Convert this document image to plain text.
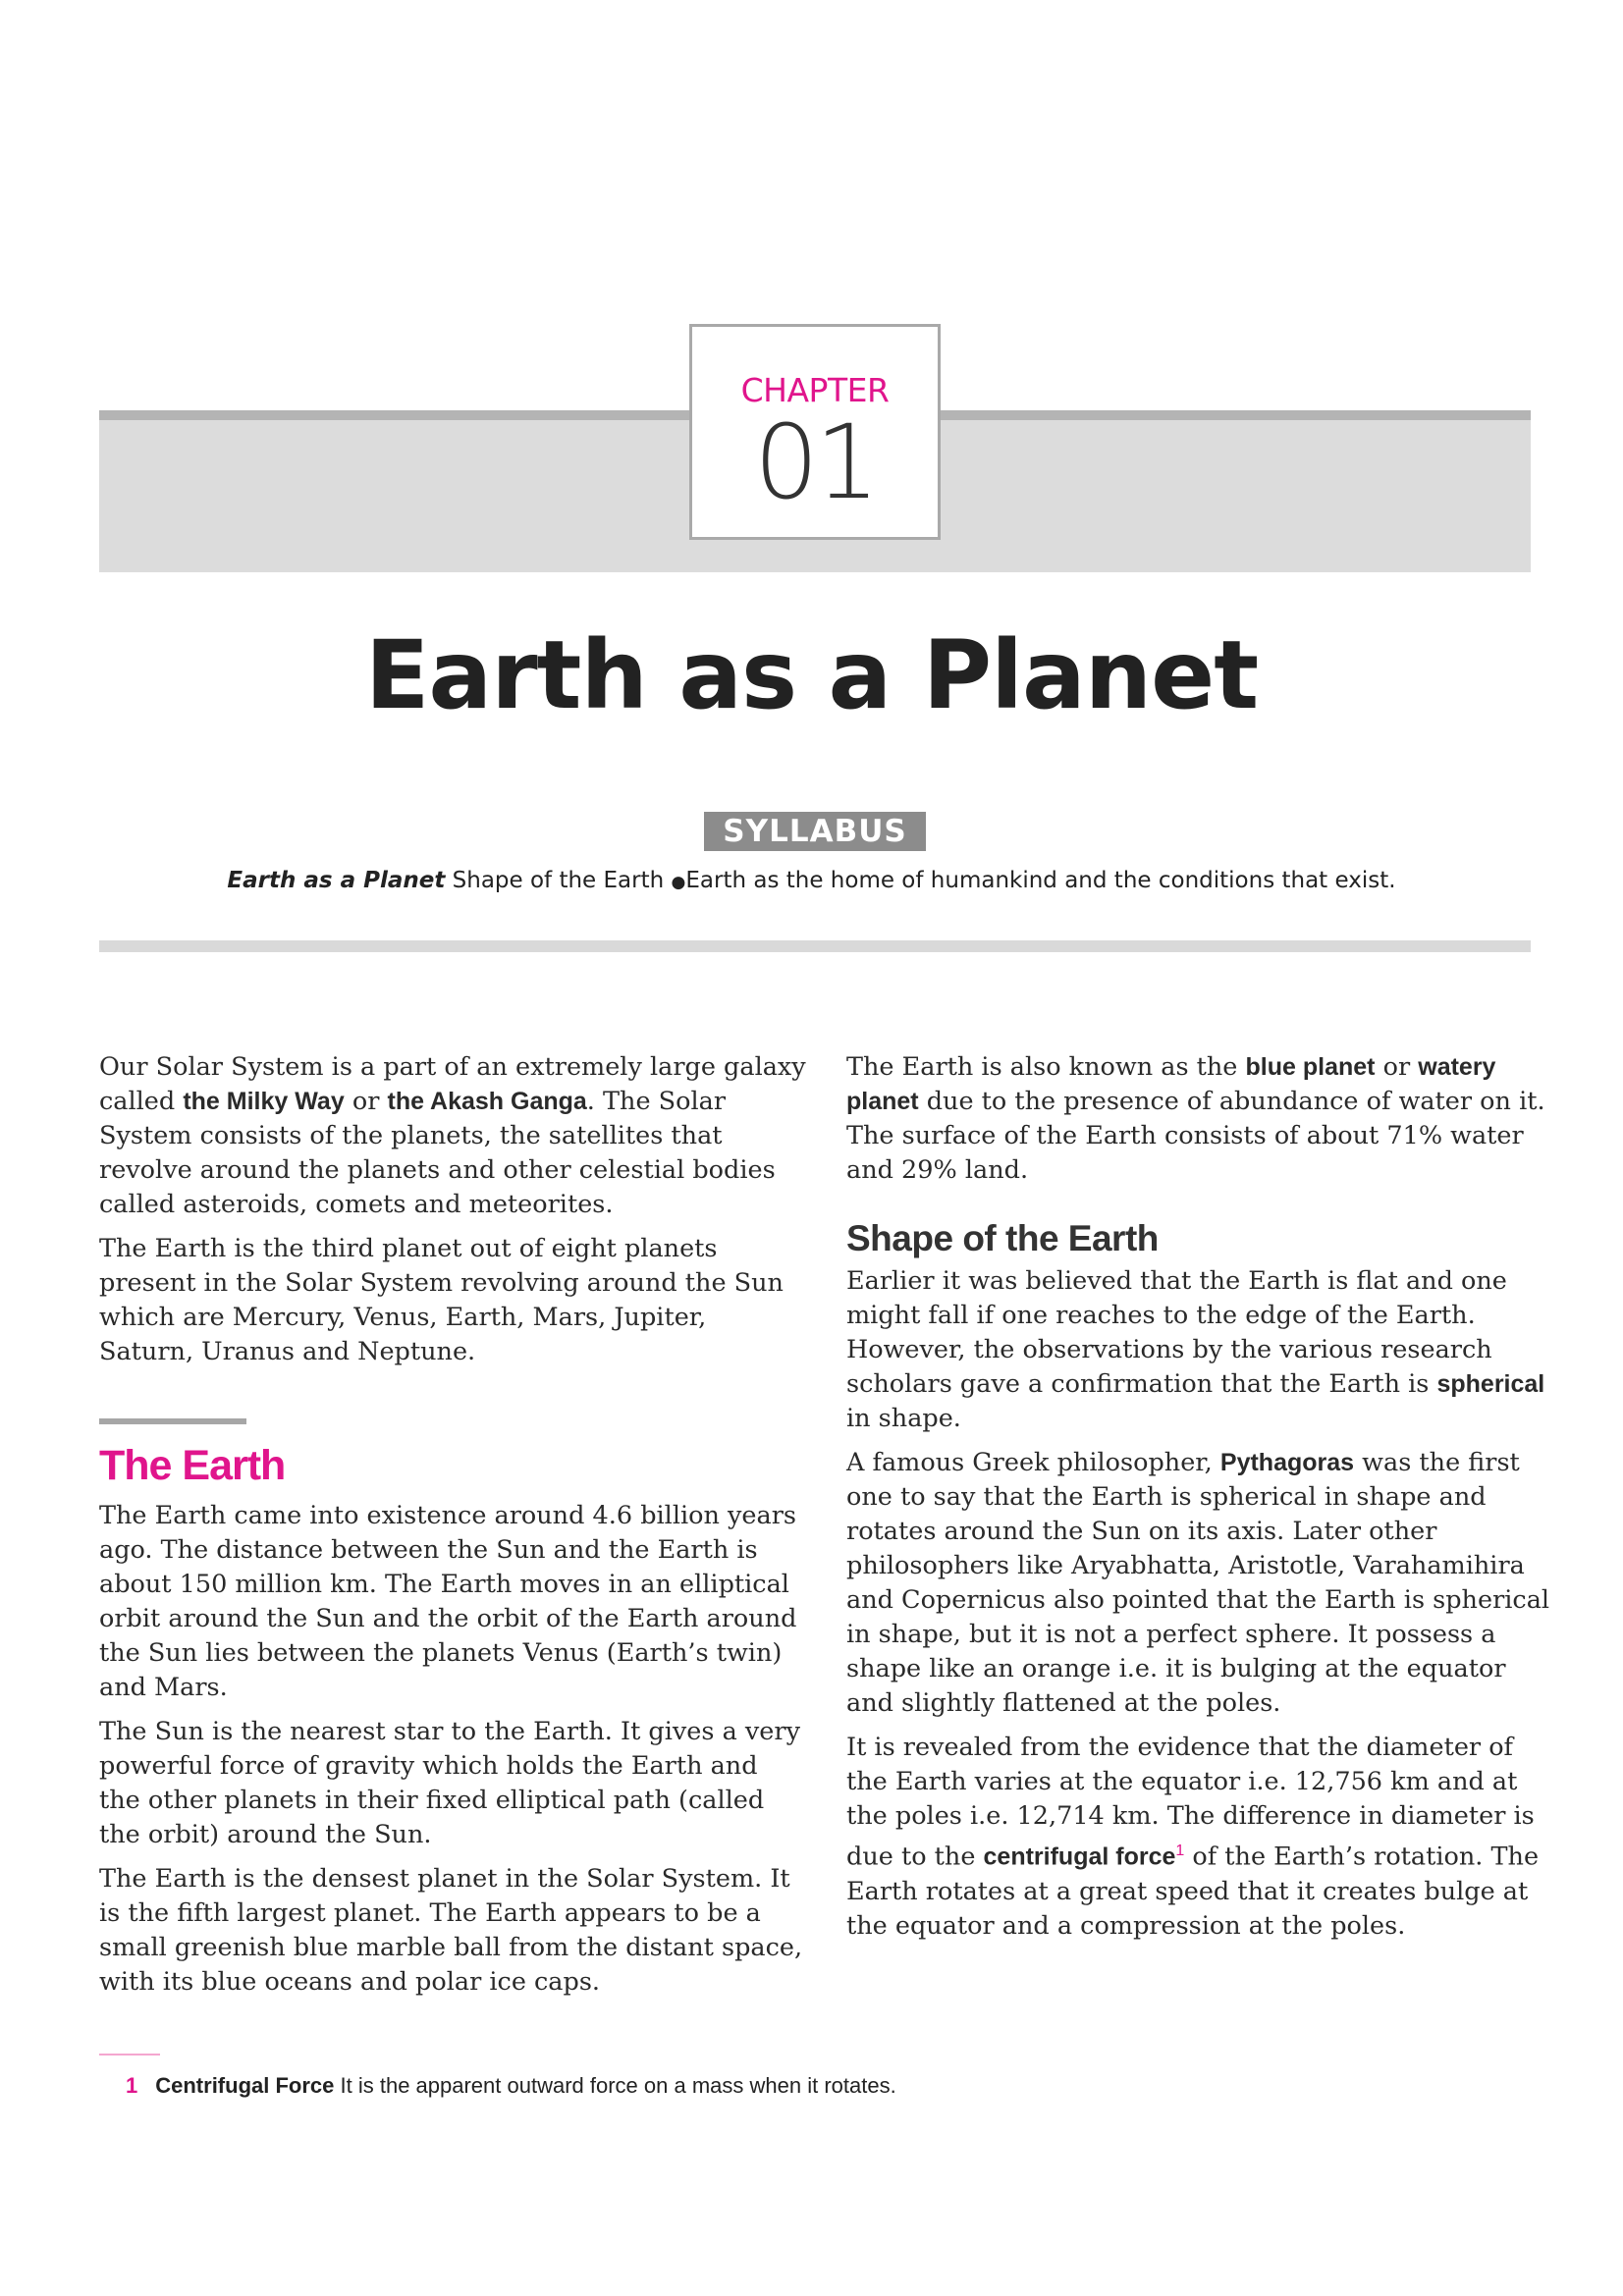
CHAPTER
01
Earth as a Planet
SYLLABUS
Earth as a Planet Shape of the Earth ●Earth as the home of humankind and the conditions that exist.

Our Solar System is a part of an extremely large galaxy called the Milky Way or the Akash Ganga. The Solar System consists of the planets, the satellites that revolve around the planets and other celestial bodies called asteroids, comets and meteorites.

The Earth is the third planet out of eight planets present in the Solar System revolving around the Sun which are Mercury, Venus, Earth, Mars, Jupiter, Saturn, Uranus and Neptune.

The Earth

The Earth came into existence around 4.6 billion years ago. The distance between the Sun and the Earth is about 150 million km. The Earth moves in an elliptical orbit around the Sun and the orbit of the Earth around the Sun lies between the planets Venus (Earth’s twin) and Mars.

The Sun is the nearest star to the Earth. It gives a very powerful force of gravity which holds the Earth and the other planets in their fixed elliptical path (called the orbit) around the Sun.

The Earth is the densest planet in the Solar System. It is the fifth largest planet. The Earth appears to be a small greenish blue marble ball from the distant space, with its blue oceans and polar ice caps.

The Earth is also known as the blue planet or watery planet due to the presence of abundance of water on it. The surface of the Earth consists of about 71% water and 29% land.

Shape of the Earth

Earlier it was believed that the Earth is flat and one might fall if one reaches to the edge of the Earth. However, the observations by the various research scholars gave a confirmation that the Earth is spherical in shape.

A famous Greek philosopher, Pythagoras was the first one to say that the Earth is spherical in shape and rotates around the Sun on its axis. Later other philosophers like Aryabhatta, Aristotle, Varahamihira and Copernicus also pointed that the Earth is spherical in shape, but it is not a perfect sphere. It possess a shape like an orange i.e. it is bulging at the equator and slightly flattened at the poles.

It is revealed from the evidence that the diameter of the Earth varies at the equator i.e. 12,756 km and at the poles i.e. 12,714 km. The difference in diameter is due to the centrifugal force$^1$ of the Earth’s rotation. The Earth rotates at a great speed that it creates bulge at the equator and a compression at the poles.

1 Centrifugal Force It is the apparent outward force on a mass when it rotates.
